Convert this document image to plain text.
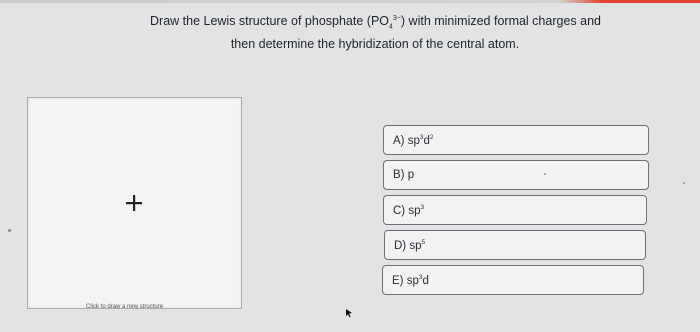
Draw the Lewis structure of phosphate $(PO_4^{3-})$ with minimized formal charges and
then determine the hybridization of the central atom.
Click to draw a new structure
A) $sp^3d^2$
B) p
C) $sp^3$
D) $sp^5$
E) $sp^3d$
